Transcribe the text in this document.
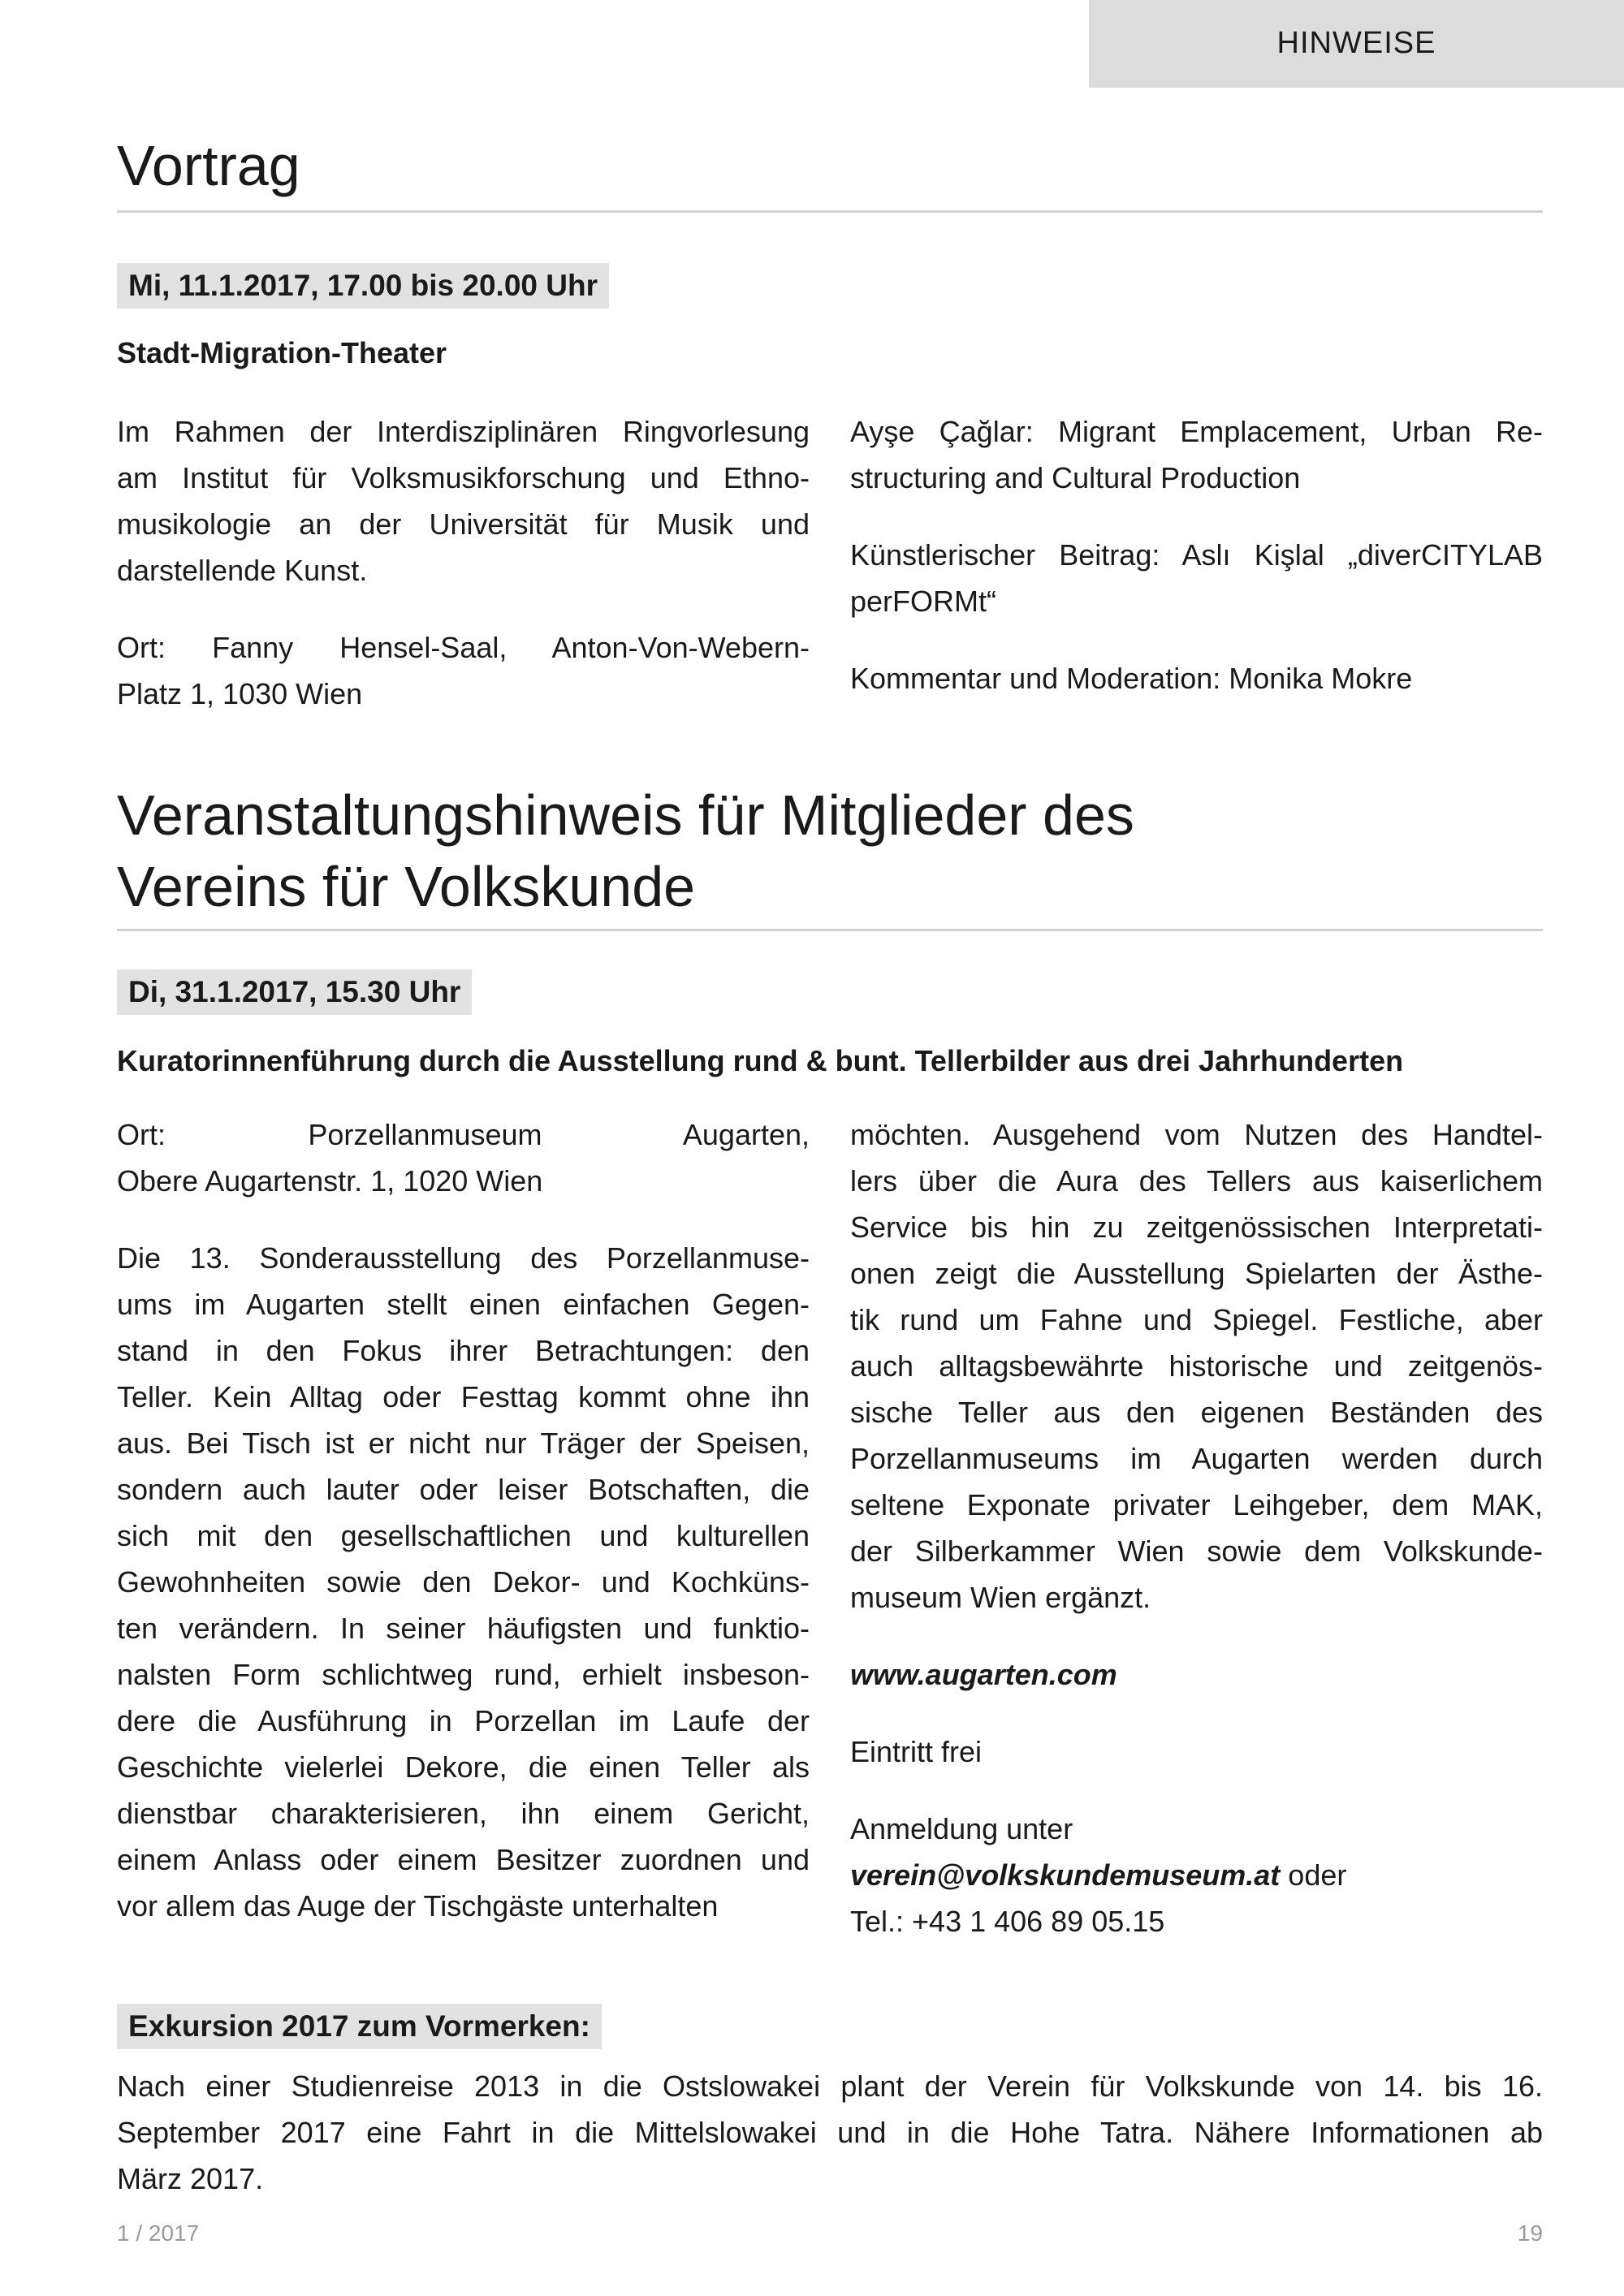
HINWEISE
Vortrag
Mi, 11.1.2017, 17.00 bis 20.00 Uhr
Stadt-Migration-Theater
Im Rahmen der Interdisziplinären Ringvorlesung
am Institut für Volksmusikforschung und Ethno-
musikologie an der Universität für Musik und
darstellende Kunst.
Ort: Fanny Hensel-Saal, Anton-Von-Webern-
Platz 1, 1030 Wien
Ayşe Çağlar: Migrant Emplacement, Urban Re-
structuring and Cultural Production
Künstlerischer Beitrag: Aslı Kişlal „diverCITYLAB
perFORMt“
Kommentar und Moderation: Monika Mokre
Veranstaltungshinweis für Mitglieder des
Vereins für Volkskunde
Di, 31.1.2017, 15.30 Uhr
Kuratorinnenführung durch die Ausstellung rund & bunt. Tellerbilder aus drei Jahrhunderten
Ort: Porzellanmuseum Augarten,
Obere Augartenstr. 1, 1020 Wien
Die 13. Sonderausstellung des Porzellanmuse-
ums im Augarten stellt einen einfachen Gegen-
stand in den Fokus ihrer Betrachtungen: den
Teller. Kein Alltag oder Festtag kommt ohne ihn
aus. Bei Tisch ist er nicht nur Träger der Speisen,
sondern auch lauter oder leiser Botschaften, die
sich mit den gesellschaftlichen und kulturellen
Gewohnheiten sowie den Dekor- und Kochküns-
ten verändern. In seiner häufigsten und funktio-
nalsten Form schlichtweg rund, erhielt insbeson-
dere die Ausführung in Porzellan im Laufe der
Geschichte vielerlei Dekore, die einen Teller als
dienstbar charakterisieren, ihn einem Gericht,
einem Anlass oder einem Besitzer zuordnen und
vor allem das Auge der Tischgäste unterhalten
möchten. Ausgehend vom Nutzen des Handtel-
lers über die Aura des Tellers aus kaiserlichem
Service bis hin zu zeitgenössischen Interpretati-
onen zeigt die Ausstellung Spielarten der Ästhe-
tik rund um Fahne und Spiegel. Festliche, aber
auch alltagsbewährte historische und zeitgenös-
sische Teller aus den eigenen Beständen des
Porzellanmuseums im Augarten werden durch
seltene Exponate privater Leihgeber, dem MAK,
der Silberkammer Wien sowie dem Volkskunde-
museum Wien ergänzt.
www.augarten.com
Eintritt frei
Anmeldung unter
verein@volkskundemuseum.at oder
Tel.: +43 1 406 89 05.15
Exkursion 2017 zum Vormerken:
Nach einer Studienreise 2013 in die Ostslowakei plant der Verein für Volkskunde von 14. bis 16.
September 2017 eine Fahrt in die Mittelslowakei und in die Hohe Tatra. Nähere Informationen ab
März 2017.
1 / 2017	19
